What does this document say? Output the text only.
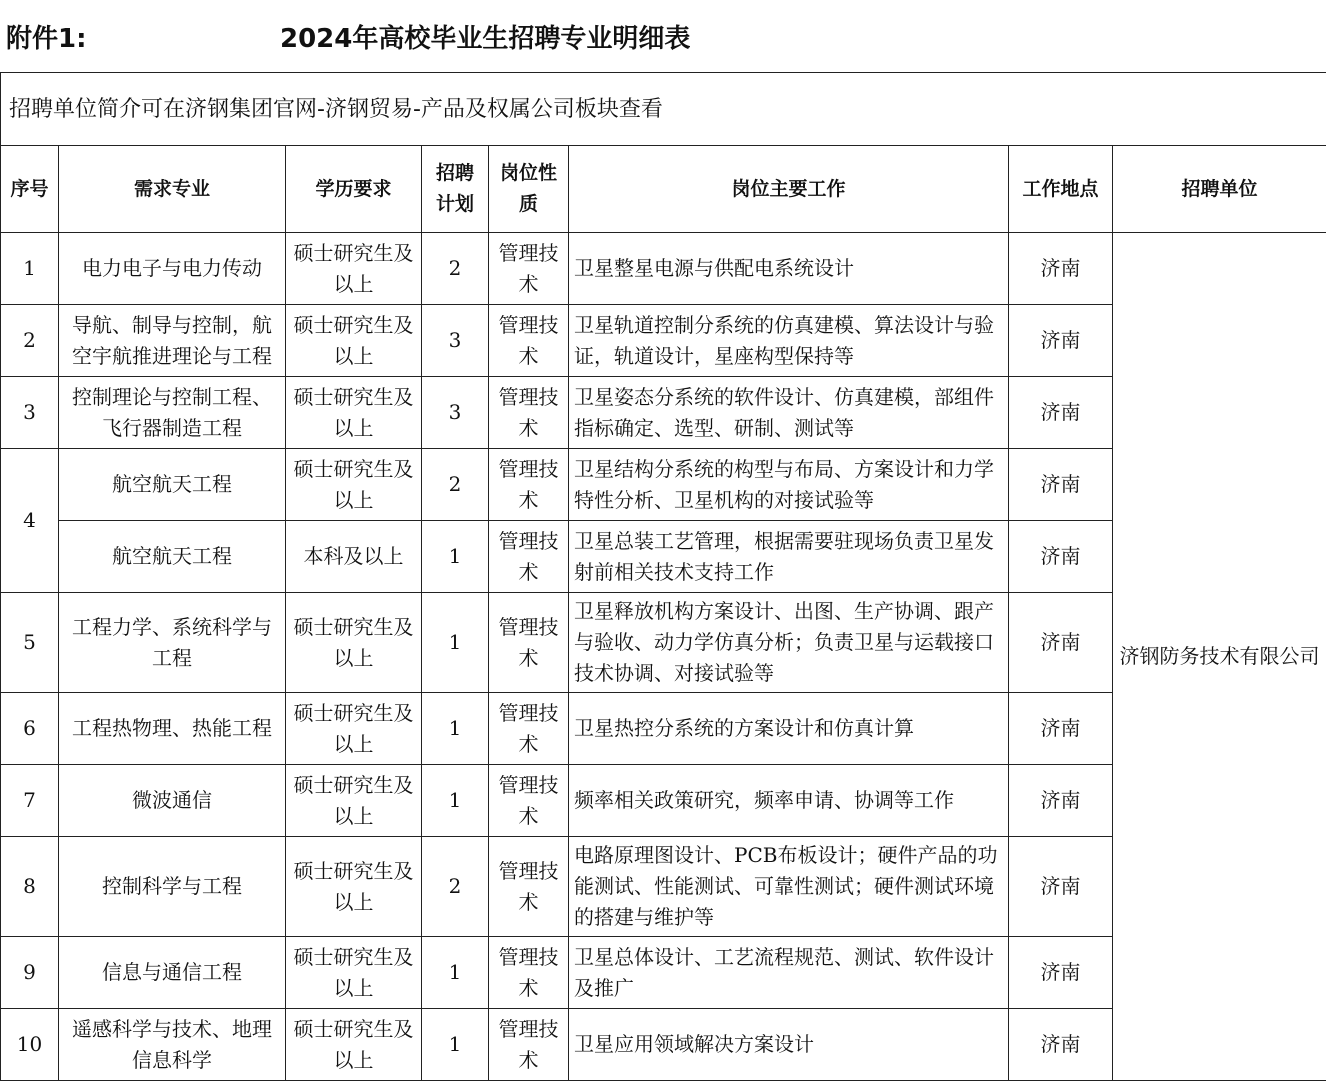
附件1:	2024年高校毕业生招聘专业明细表
招聘单位简介可在济钢集团官网-济钢贸易-产品及权属公司板块查看							
序号	需求专业	学历要求	招聘计划	岗位性质	岗位主要工作	工作地点	招聘单位
1	电力电子与电力传动	硕士研究生及以上	2	管理技术	卫星整星电源与供配电系统设计	济南	济钢防务技术有限公司
2	导航、制导与控制，航空宇航推进理论与工程	硕士研究生及以上	3	管理技术	卫星轨道控制分系统的仿真建模、算法设计与验证，轨道设计，星座构型保持等	济南	
3	控制理论与控制工程、飞行器制造工程	硕士研究生及以上	3	管理技术	卫星姿态分系统的软件设计、仿真建模，部组件指标确定、选型、研制、测试等	济南	
4	航空航天工程	硕士研究生及以上	2	管理技术	卫星结构分系统的构型与布局、方案设计和力学特性分析、卫星机构的对接试验等	济南	
	航空航天工程	本科及以上	1	管理技术	卫星总装工艺管理，根据需要驻现场负责卫星发射前相关技术支持工作	济南	
5	工程力学、系统科学与工程	硕士研究生及以上	1	管理技术	卫星释放机构方案设计、出图、生产协调、跟产与验收、动力学仿真分析；负责卫星与运载接口技术协调、对接试验等	济南	
6	工程热物理、热能工程	硕士研究生及以上	1	管理技术	卫星热控分系统的方案设计和仿真计算	济南	
7	微波通信	硕士研究生及以上	1	管理技术	频率相关政策研究，频率申请、协调等工作	济南	
8	控制科学与工程	硕士研究生及以上	2	管理技术	电路原理图设计、PCB布板设计；硬件产品的功能测试、性能测试、可靠性测试；硬件测试环境的搭建与维护等	济南	
9	信息与通信工程	硕士研究生及以上	1	管理技术	卫星总体设计、工艺流程规范、测试、软件设计及推广	济南	
10	遥感科学与技术、地理信息科学	硕士研究生及以上	1	管理技术	卫星应用领域解决方案设计	济南	
